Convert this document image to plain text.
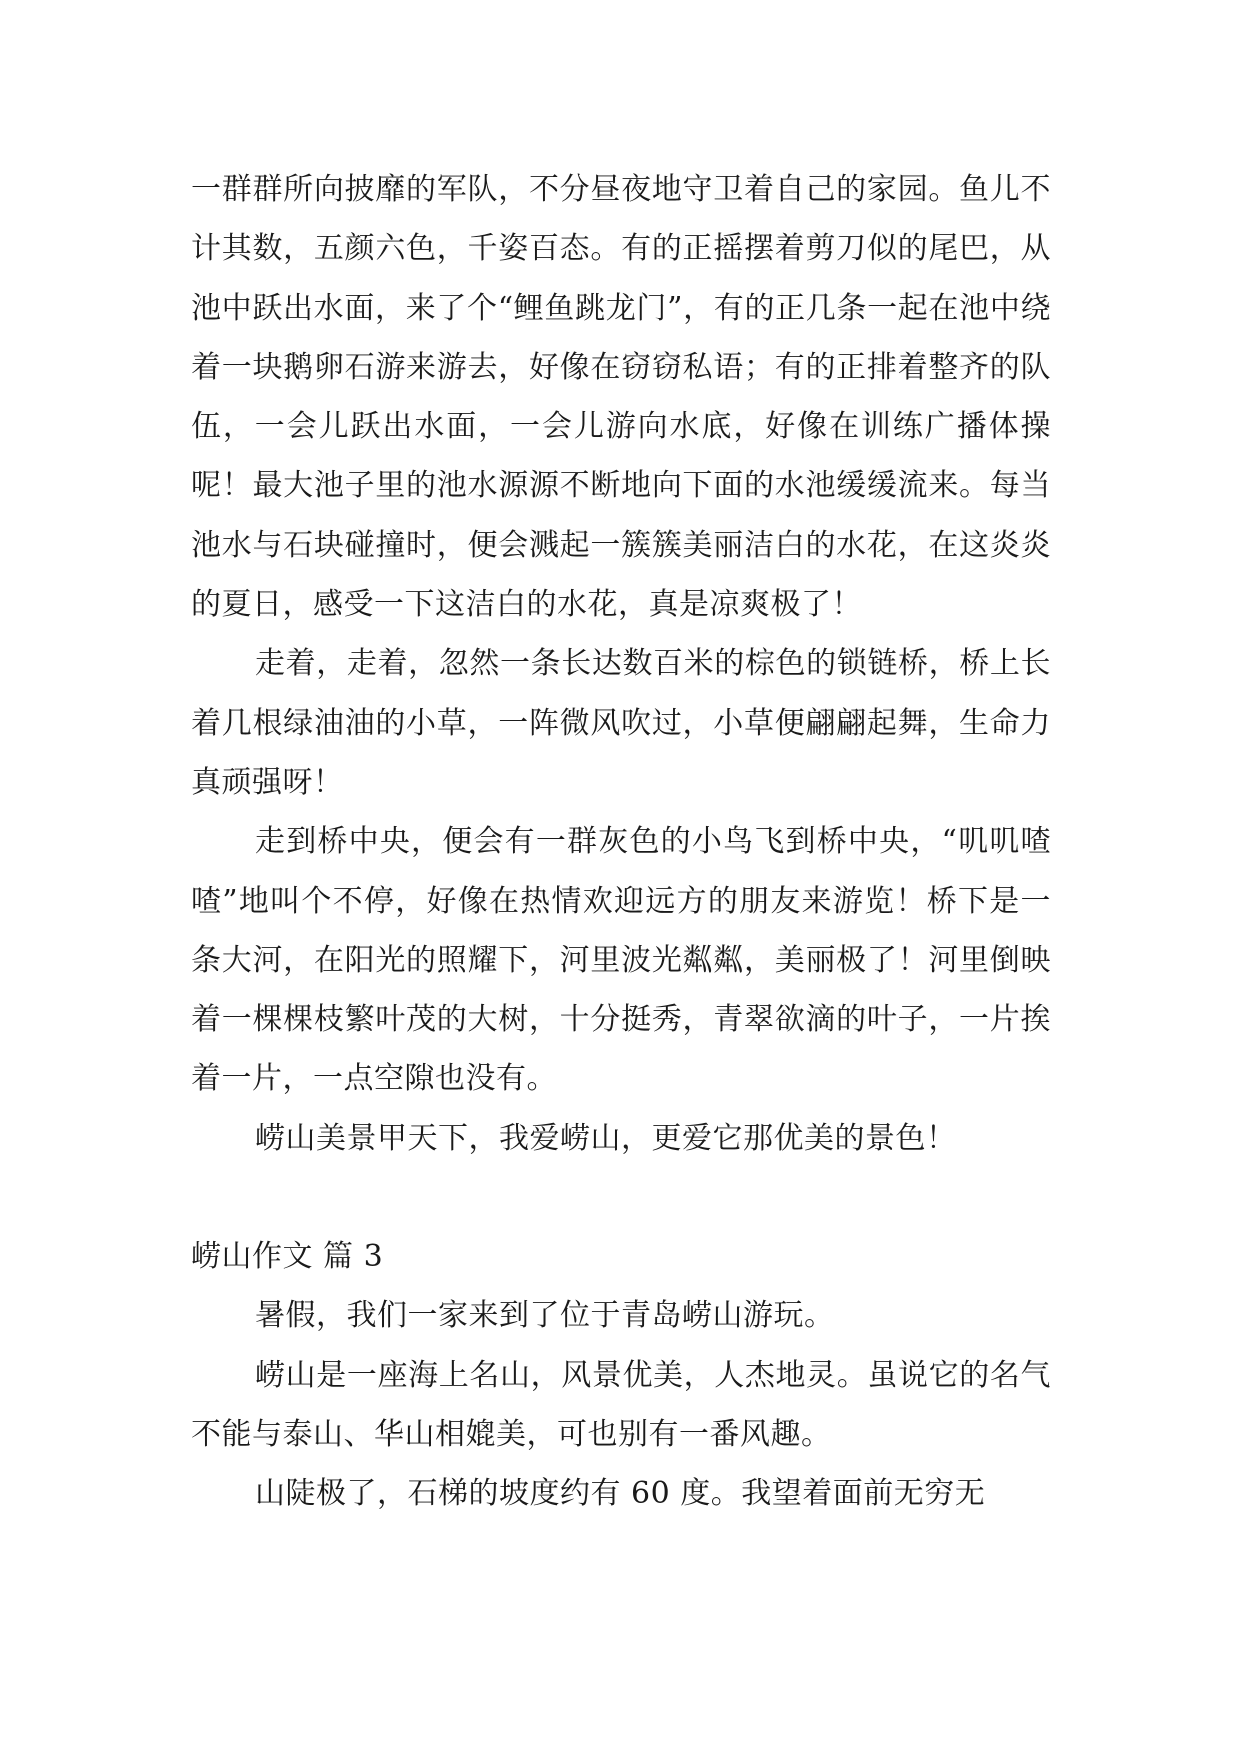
一群群所向披靡的军队，不分昼夜地守卫着自己的家园。鱼儿不计其数，五颜六色，千姿百态。有的正摇摆着剪刀似的尾巴，从池中跃出水面，来了个“鲤鱼跳龙门”，有的正几条一起在池中绕着一块鹅卵石游来游去，好像在窃窃私语；有的正排着整齐的队伍，一会儿跃出水面，一会儿游向水底，好像在训练广播体操呢！最大池子里的池水源源不断地向下面的水池缓缓流来。每当池水与石块碰撞时，便会溅起一簇簇美丽洁白的水花，在这炎炎的夏日，感受一下这洁白的水花，真是凉爽极了！

走着，走着，忽然一条长达数百米的棕色的锁链桥，桥上长着几根绿油油的小草，一阵微风吹过，小草便翩翩起舞，生命力真顽强呀！

走到桥中央，便会有一群灰色的小鸟飞到桥中央，“叽叽喳喳”地叫个不停，好像在热情欢迎远方的朋友来游览！桥下是一条大河，在阳光的照耀下，河里波光粼粼，美丽极了！河里倒映着一棵棵枝繁叶茂的大树，十分挺秀，青翠欲滴的叶子，一片挨着一片，一点空隙也没有。

崂山美景甲天下，我爱崂山，更爱它那优美的景色！

崂山作文 篇 3

暑假，我们一家来到了位于青岛崂山游玩。

崂山是一座海上名山，风景优美，人杰地灵。虽说它的名气不能与泰山、华山相媲美，可也别有一番风趣。

山陡极了，石梯的坡度约有 60 度。我望着面前无穷无
